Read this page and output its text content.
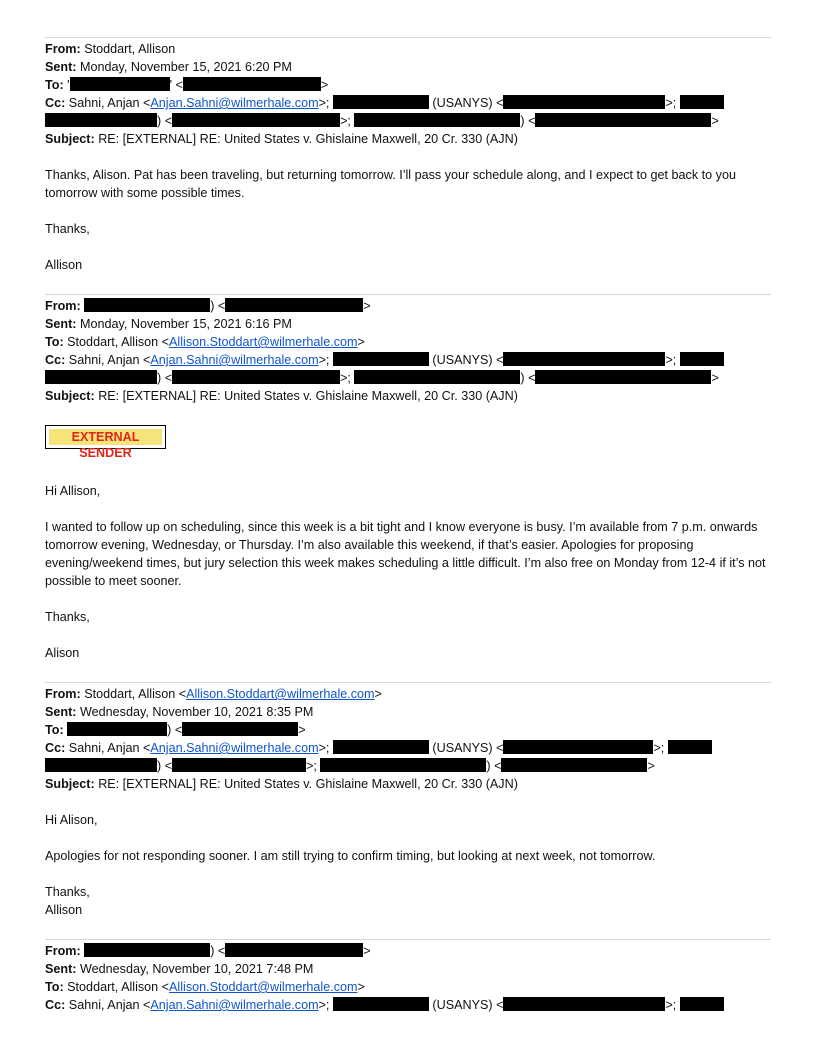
From: Stoddart, Allison
Sent: Monday, November 15, 2021 6:20 PM
To: '	' <	>
Cc: Sahni, Anjan <Anjan.Sahni@wilmerhale.com>;	(USANYS) <	>;
) <	>;	) <	>
Subject: RE: [EXTERNAL] RE: United States v. Ghislaine Maxwell, 20 Cr. 330 (AJN)

Thanks, Alison. Pat has been traveling, but returning tomorrow. I’ll pass your schedule along, and I expect to get back to you tomorrow with some possible times.

Thanks,

Allison

From:	) <	>
Sent: Monday, November 15, 2021 6:16 PM
To: Stoddart, Allison <Allison.Stoddart@wilmerhale.com>
Cc: Sahni, Anjan <Anjan.Sahni@wilmerhale.com>;	(USANYS) <	>;
) <	>;	) <	>
Subject: RE: [EXTERNAL] RE: United States v. Ghislaine Maxwell, 20 Cr. 330 (AJN)
EXTERNAL SENDER

Hi Allison,

I wanted to follow up on scheduling, since this week is a bit tight and I know everyone is busy. I’m available from 7 p.m. onwards tomorrow evening, Wednesday, or Thursday. I’m also available this weekend, if that’s easier. Apologies for proposing evening/weekend times, but jury selection this week makes scheduling a little difficult. I’m also free on Monday from 12-4 if it’s not possible to meet sooner.

Thanks,

Alison

From: Stoddart, Allison <Allison.Stoddart@wilmerhale.com>
Sent: Wednesday, November 10, 2021 8:35 PM
To:	) <	>
Cc: Sahni, Anjan <Anjan.Sahni@wilmerhale.com>;	(USANYS) <	>;
) <	>;	) <	>
Subject: RE: [EXTERNAL] RE: United States v. Ghislaine Maxwell, 20 Cr. 330 (AJN)

Hi Alison,

Apologies for not responding sooner. I am still trying to confirm timing, but looking at next week, not tomorrow.

Thanks,

Allison

From:	) <	>
Sent: Wednesday, November 10, 2021 7:48 PM
To: Stoddart, Allison <Allison.Stoddart@wilmerhale.com>
Cc: Sahni, Anjan <Anjan.Sahni@wilmerhale.com>;	(USANYS) <	>;
